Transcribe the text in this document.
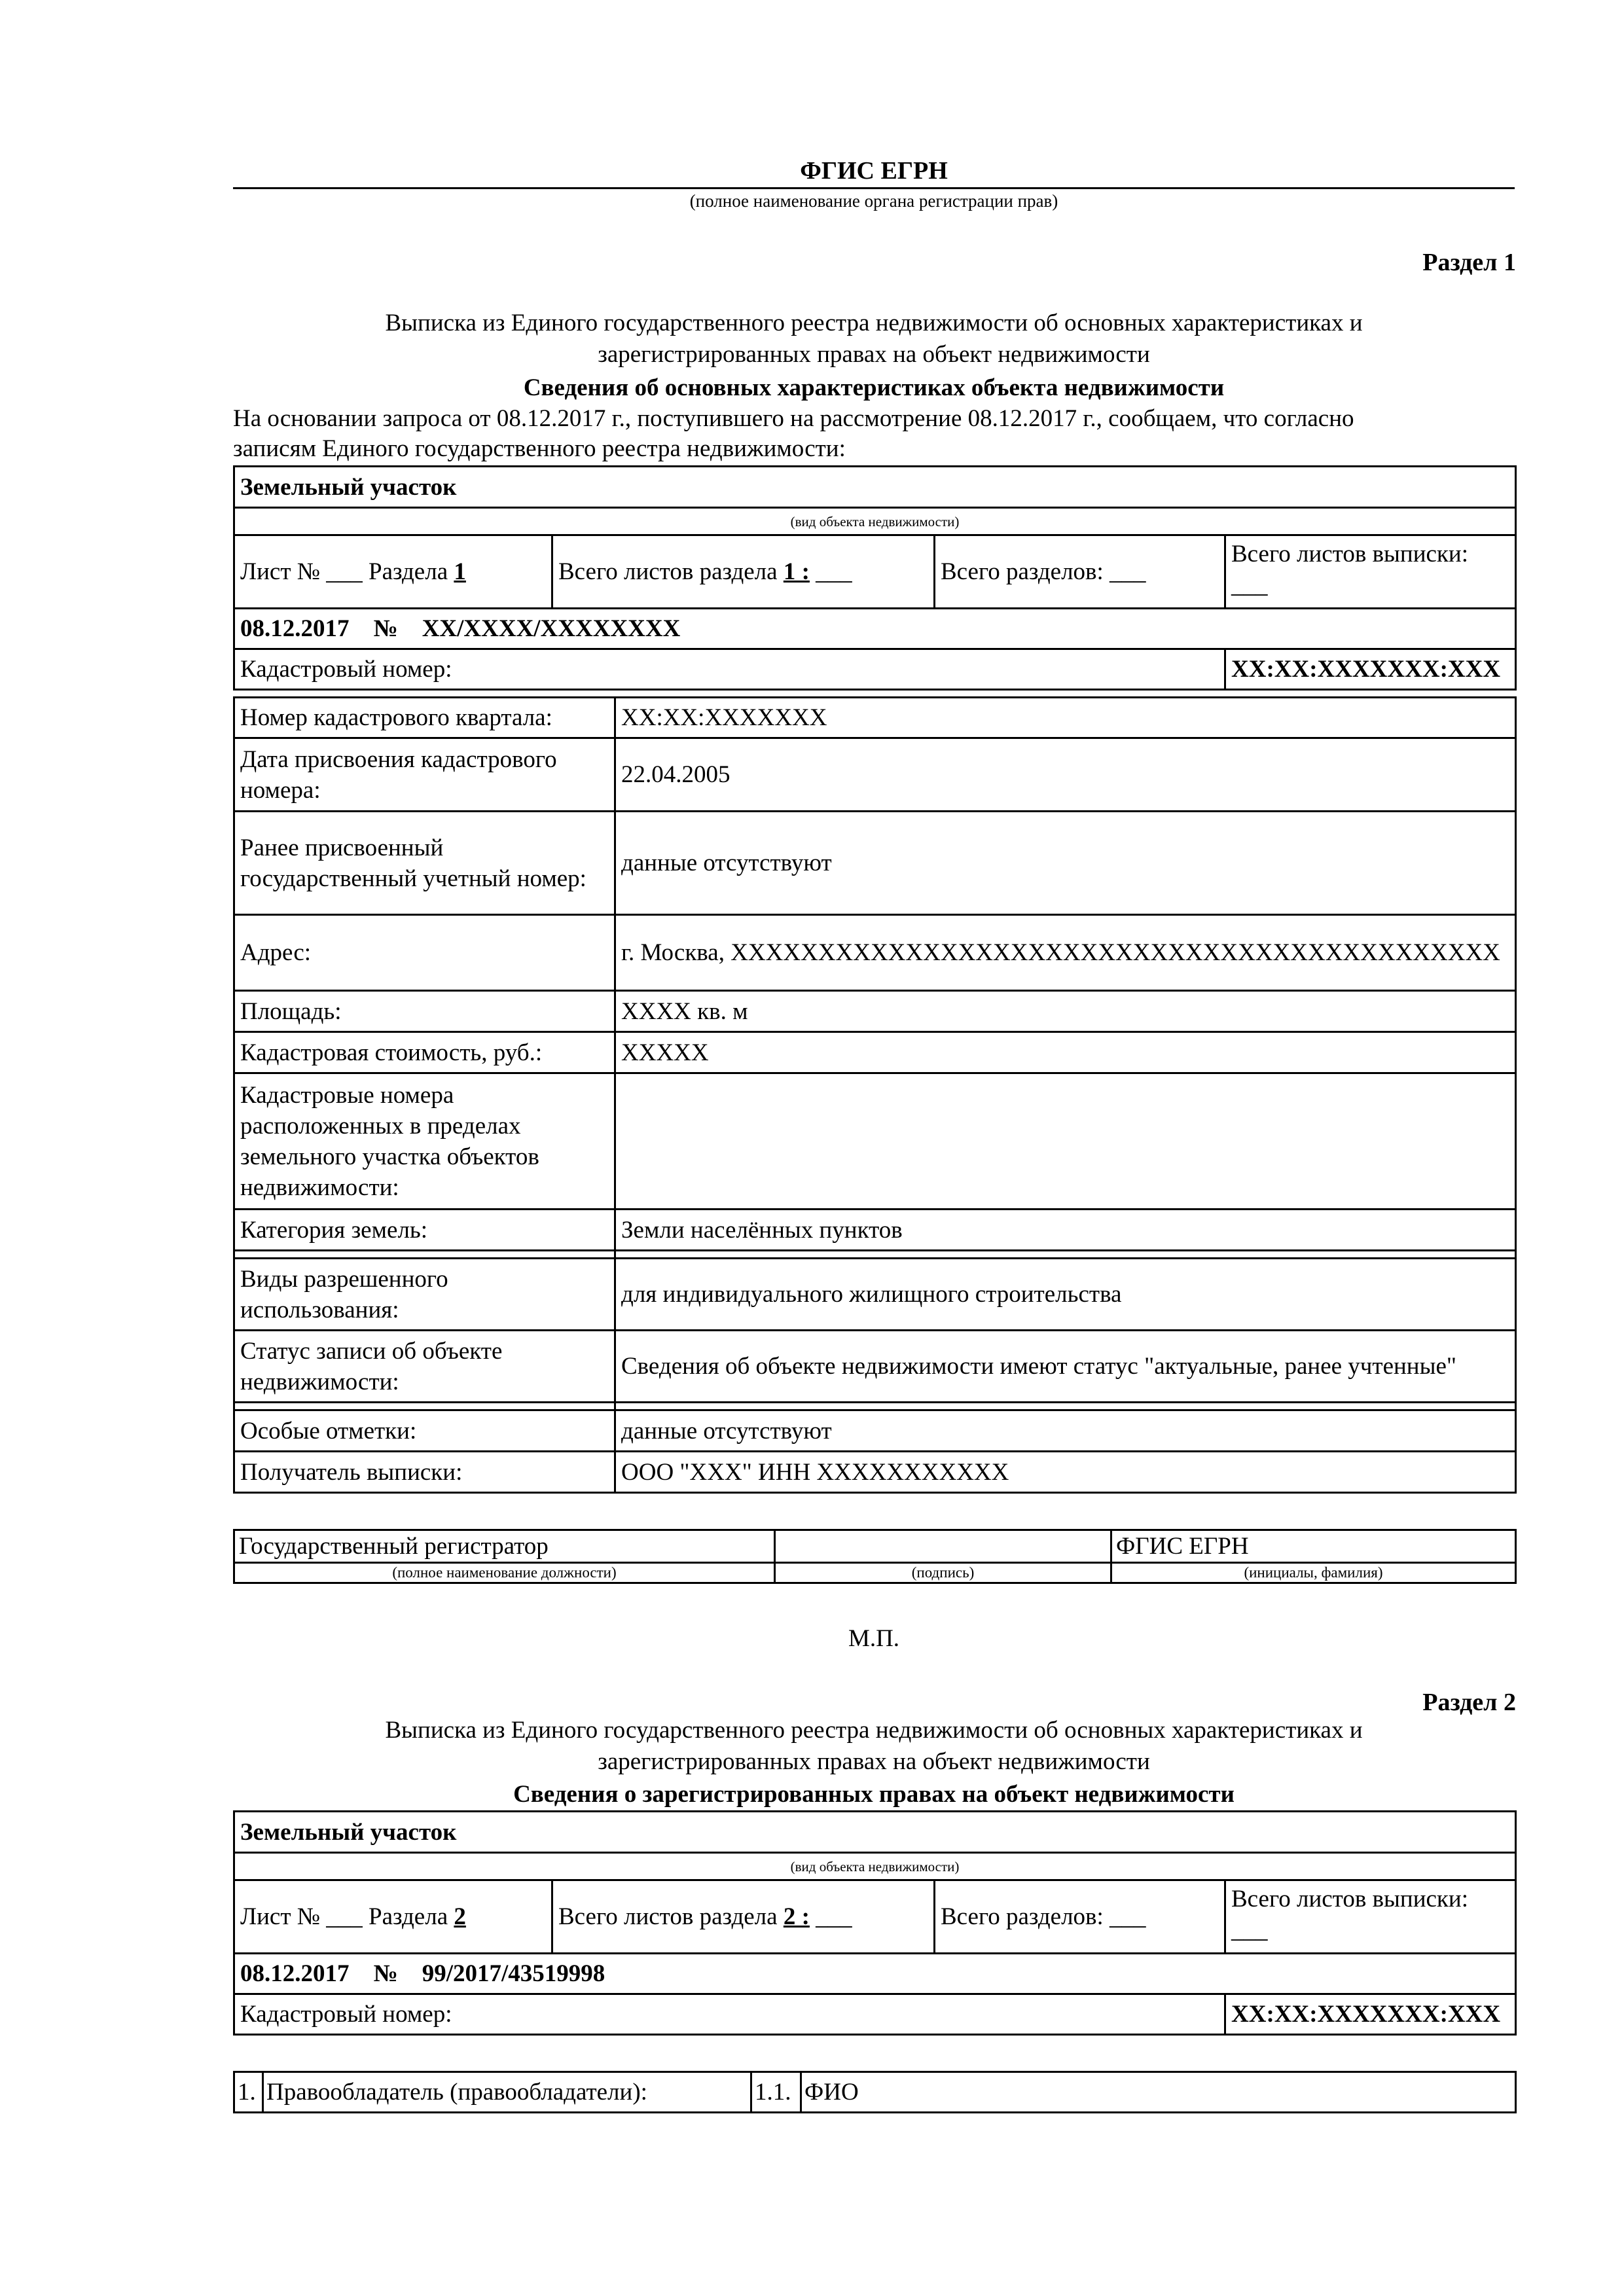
ФГИС ЕГРН
(полное наименование органа регистрации прав)
Раздел 1
Выписка из Единого государственного реестра недвижимости об основных характеристиках и
зарегистрированных правах на объект недвижимости
Сведения об основных характеристиках объекта недвижимости
На основании запроса от 08.12.2017 г., поступившего на рассмотрение 08.12.2017 г., сообщаем, что согласно
записям Единого государственного реестра недвижимости:
Земельный участок			
(вид объекта недвижимости)			
Лист № ___ Раздела 1	Всего листов раздела 1 : ___	Всего разделов: ___	Всего листов выписки:
___

08.12.2017 № XX/XXXX/XXXXXXXX			
Кадастровый номер:			XX:XX:XXXXXXX:XXX
Номер кадастрового квартала:	XX:XX:XXXXXXX
Дата присвоения кадастрового номера:	22.04.2005
Ранее присвоенный государственный учетный номер:	данные отсутствуют
Адрес:	г. Москва, XXXXXXXXXXXXXXXXXXXXXXXXXXXXXXXXXXXXXXXXXXXX
Площадь:	XXXX кв. м
Кадастровая стоимость, руб.:	XXXXX
Кадастровые номера расположенных в пределах земельного участка объектов недвижимости:	
Категория земель:	Земли населённых пунктов

Виды разрешенного использования:	для индивидуального жилищного строительства
Статус записи об объекте недвижимости:	Сведения об объекте недвижимости имеют статус "актуальные, ранее учтенные"

Особые отметки:	данные отсутствуют
Получатель выписки:	ООО "XXX" ИНН XXXXXXXXXXX
Государственный регистратор		ФГИС ЕГРН
(полное наименование должности)	(подпись)	(инициалы, фамилия)
М.П.
Раздел 2
Выписка из Единого государственного реестра недвижимости об основных характеристиках и
зарегистрированных правах на объект недвижимости
Сведения о зарегистрированных правах на объект недвижимости
Земельный участок			
(вид объекта недвижимости)			
Лист № ___ Раздела 2	Всего листов раздела 2 : ___	Всего разделов: ___	Всего листов выписки:
___

08.12.2017 № 99/2017/43519998			
Кадастровый номер:			XX:XX:XXXXXXX:XXX
1.	Правообладатель (правообладатели):	1.1.	ФИО
